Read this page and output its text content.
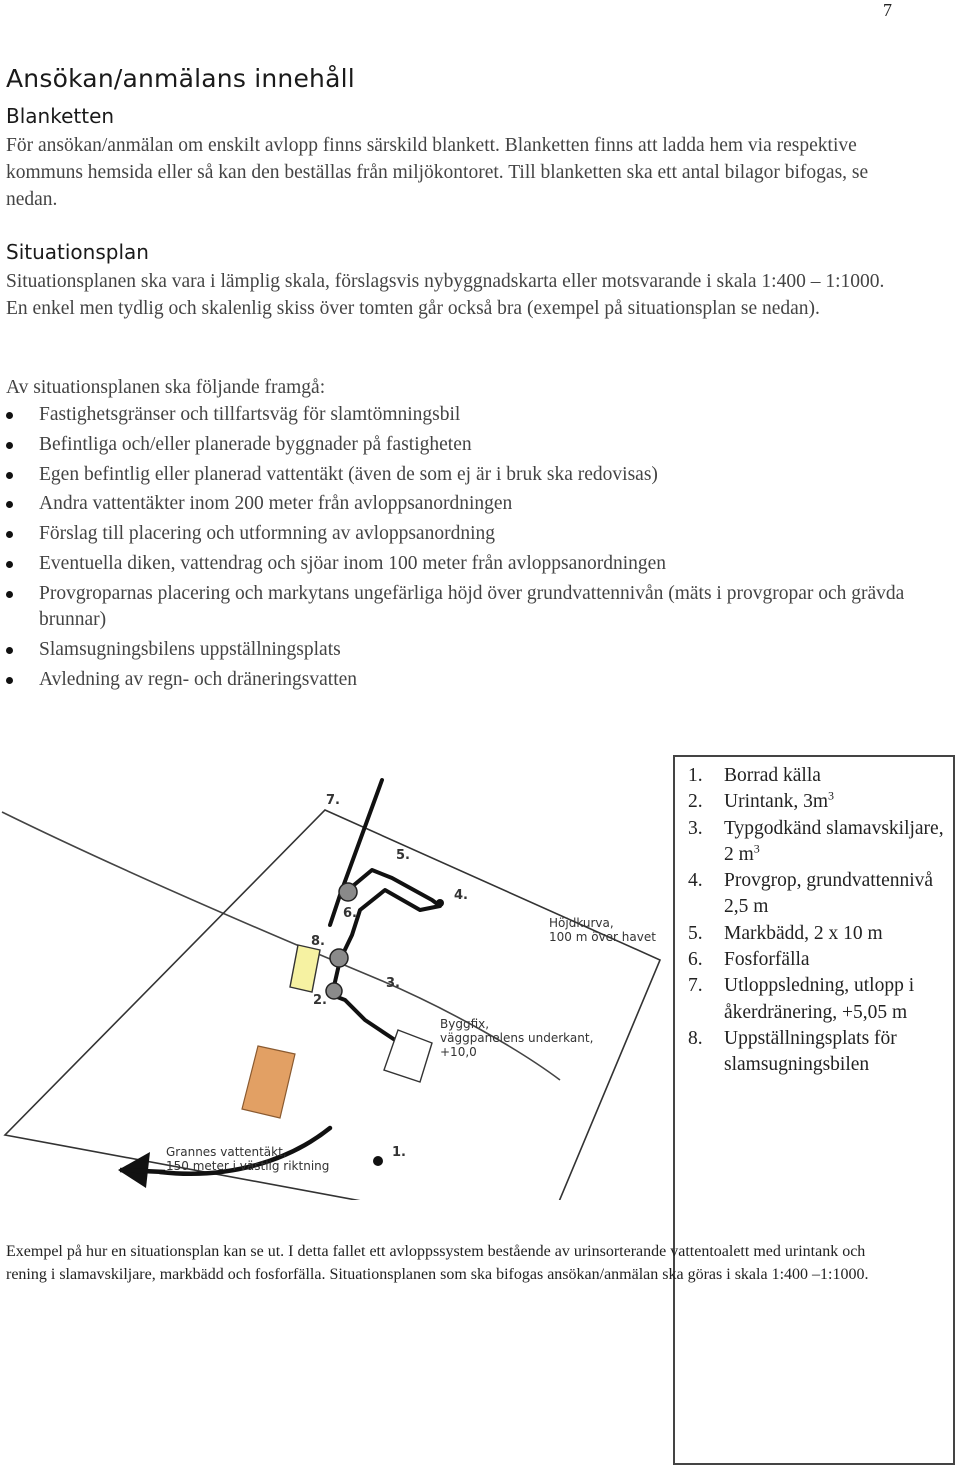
7
Ansökan/anmälans innehåll
Blanketten
För ansökan/anmälan om enskilt avlopp finns särskild blankett. Blanketten finns att ladda hem via respektive kommuns hemsida eller så kan den beställas från miljökontoret. Till blanketten ska ett antal bilagor bifogas, se nedan.
Situationsplan
Situationsplanen ska vara i lämplig skala, förslagsvis nybyggnadskarta eller motsvarande i skala 1:400 – 1:1000. En enkel men tydlig och skalenlig skiss över tomten går också bra (exempel på situationsplan se nedan).
Av situationsplanen ska följande framgå:
Fastighetsgränser och tillfartsväg för slamtömningsbil
Befintliga och/eller planerade byggnader på fastigheten
Egen befintlig eller planerad vattentäkt (även de som ej är i bruk ska redovisas)
Andra vattentäkter inom 200 meter från avloppsanordningen
Förslag till placering och utformning av avloppsanordning
Eventuella diken, vattendrag och sjöar inom 100 meter från avloppsanordningen
Provgroparnas placering och markytans ungefärliga höjd över grundvattennivån (mäts i provgropar och grävda brunnar)
Slamsugningsbilens uppställningsplats
Avledning av regn- och dräneringsvatten
7.
5.
4.
6.
8.
3.
2.
1.
Höjdkurva,
100 m över havet
Byggfix,
väggpanelens underkant,
+10,0
Grannes vattentäkt,
150 meter i västlig riktning
1. Borrad källa
2. Urintank, $3m^3$
3. Typgodkänd slamavskiljare, 2 $m^3$
4. Provgrop, grundvattennivå 2,5 m
5. Markbädd, 2 x 10 m
6. Fosforfälla
7. Utloppsledning, utlopp i åkerdränering, +5,05 m
8. Uppställningsplats för slamsugningsbilen
Exempel på hur en situationsplan kan se ut. I detta fallet ett avloppssystem bestående av urinsorterande vattentoalett med urintank och rening i slamavskiljare, markbädd och fosforfälla. Situationsplanen som ska bifogas ansökan/anmälan ska göras i skala 1:400 –1:1000.
